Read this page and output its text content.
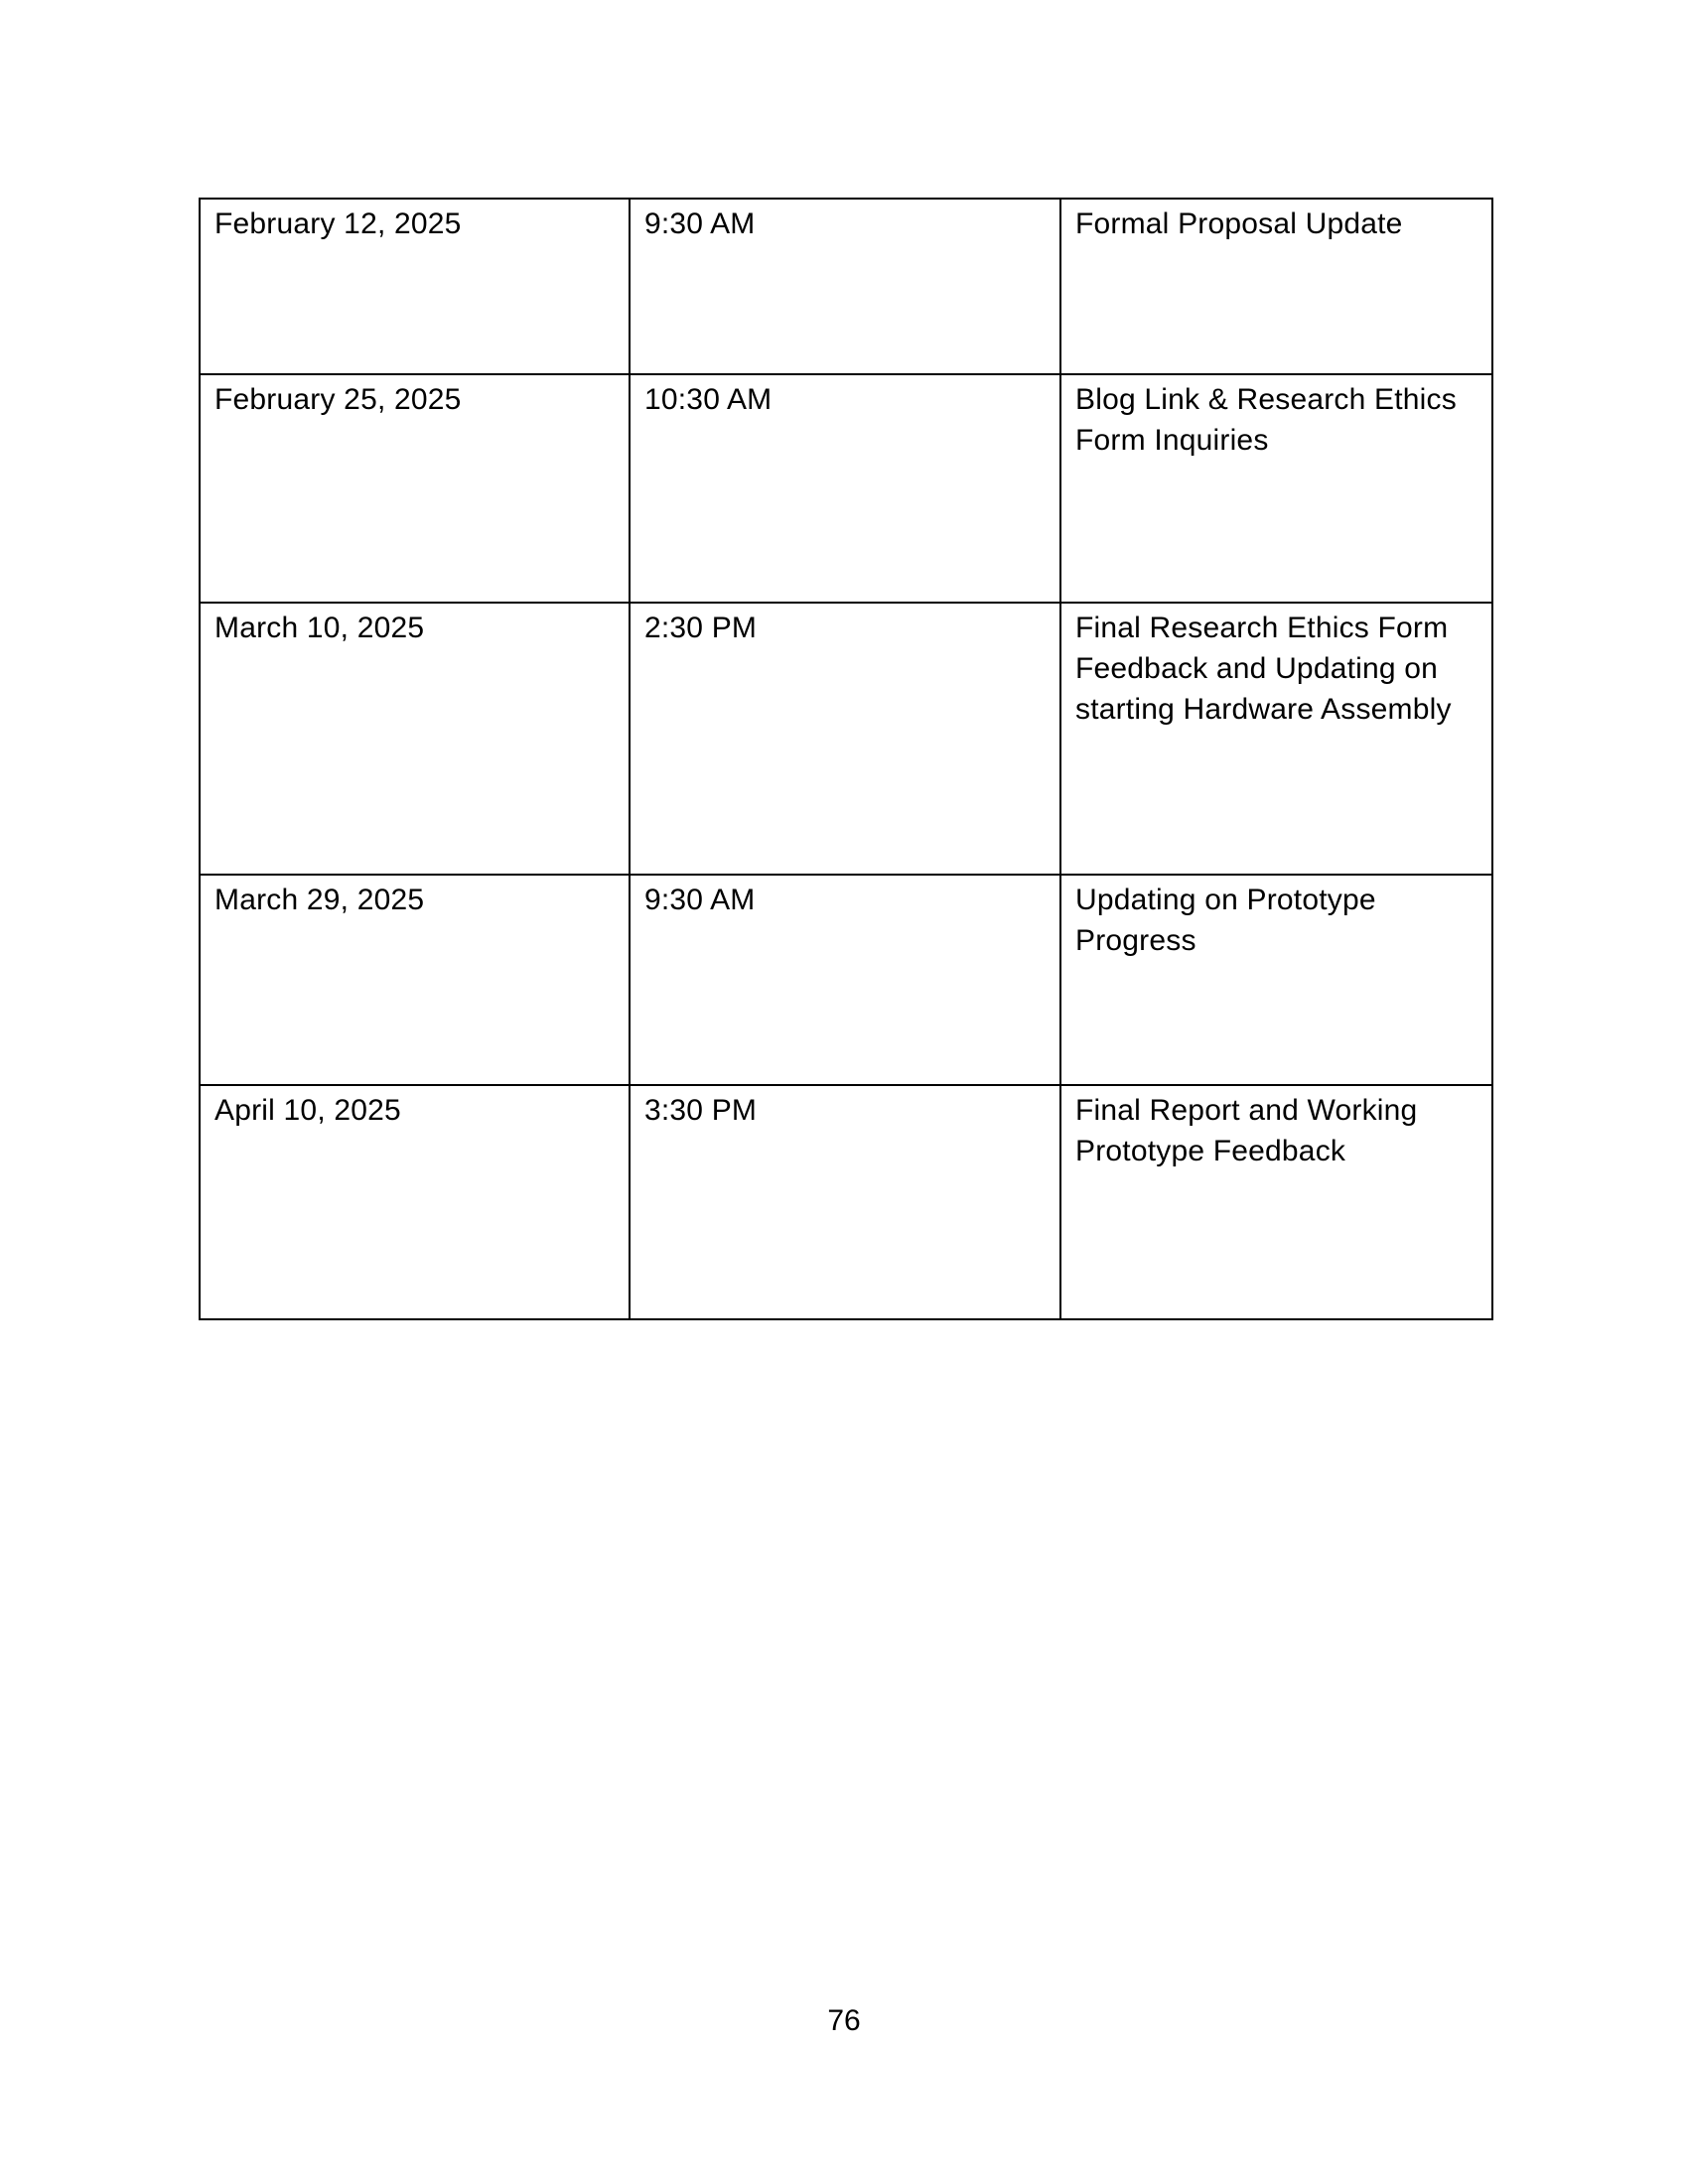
February 12, 2025	9:30 AM	Formal Proposal Update
February 25, 2025	10:30 AM	Blog Link & Research Ethics Form Inquiries
March 10, 2025	2:30 PM	Final Research Ethics Form Feedback and Updating on starting Hardware Assembly
March 29, 2025	9:30 AM	Updating on Prototype Progress
April 10, 2025	3:30 PM	Final Report and Working Prototype Feedback
76
